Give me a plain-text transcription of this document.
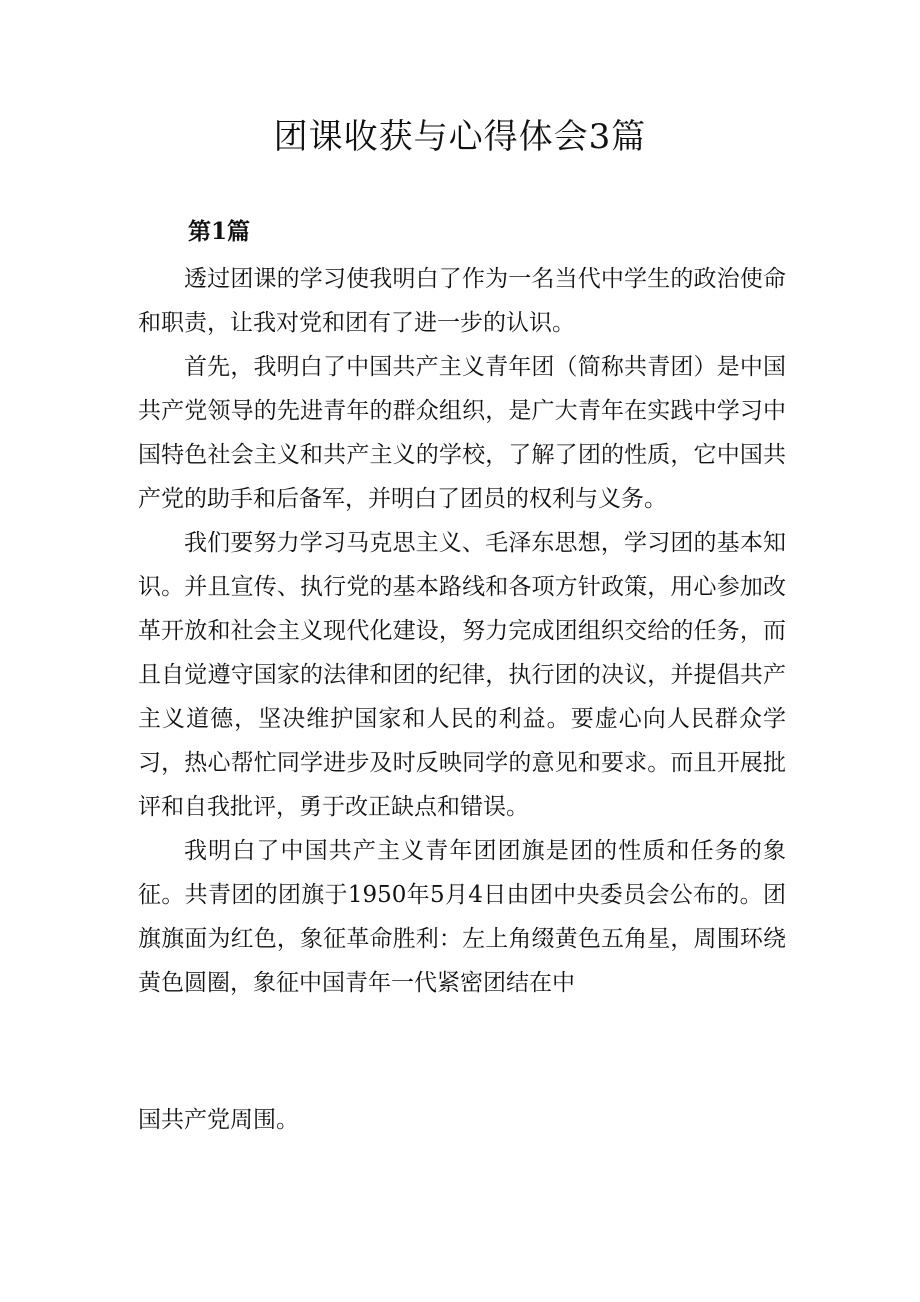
团课收获与心得体会3篇
第1篇

透过团课的学习使我明白了作为一名当代中学生的政治使命和职责，让我对党和团有了进一步的认识。

首先，我明白了中国共产主义青年团（简称共青团）是中国共产党领导的先进青年的群众组织，是广大青年在实践中学习中国特色社会主义和共产主义的学校，了解了团的性质，它中国共产党的助手和后备军，并明白了团员的权利与义务。

我们要努力学习马克思主义、毛泽东思想，学习团的基本知识。并且宣传、执行党的基本路线和各项方针政策，用心参加改革开放和社会主义现代化建设，努力完成团组织交给的任务，而且自觉遵守国家的法律和团的纪律，执行团的决议，并提倡共产主义道德，坚决维护国家和人民的利益。要虚心向人民群众学习，热心帮忙同学进步及时反映同学的意见和要求。而且开展批评和自我批评，勇于改正缺点和错误。

我明白了中国共产主义青年团团旗是团的性质和任务的象征。共青团的团旗于1950年5月4日由团中央委员会公布的。团旗旗面为红色，象征革命胜利：左上角缀黄色五角星，周围环绕黄色圆圈，象征中国青年一代紧密团结在中

国共产党周围。
